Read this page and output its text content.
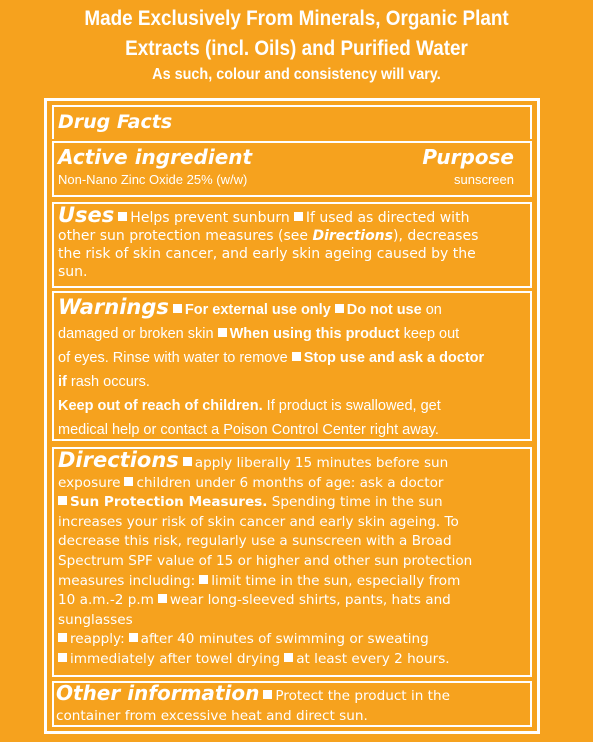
Made Exclusively From Minerals, Organic Plant
Extracts (incl. Oils) and Purified Water
As such, colour and consistency will vary.
Drug Facts
Active ingredient	Purpose
Non-Nano Zinc Oxide 25% (w/w)	sunscreen
Uses Helps prevent sunburn If used as directed with
other sun protection measures (see Directions), decreases
the risk of skin cancer, and early skin ageing caused by the
sun.
Warnings For external use only Do not use on
damaged or broken skin When using this product keep out
of eyes. Rinse with water to remove Stop use and ask a doctor
if rash occurs.
Keep out of reach of children. If product is swallowed, get
medical help or contact a Poison Control Center right away.
Directions apply liberally 15 minutes before sun
exposure children under 6 months of age: ask a doctor
Sun Protection Measures. Spending time in the sun
increases your risk of skin cancer and early skin ageing. To
decrease this risk, regularly use a sunscreen with a Broad
Spectrum SPF value of 15 or higher and other sun protection
measures including: limit time in the sun, especially from
10 a.m.-2 p.m wear long-sleeved shirts, pants, hats and
sunglasses
reapply: after 40 minutes of swimming or sweating
immediately after towel drying at least every 2 hours.
Other information Protect the product in the
container from excessive heat and direct sun.
